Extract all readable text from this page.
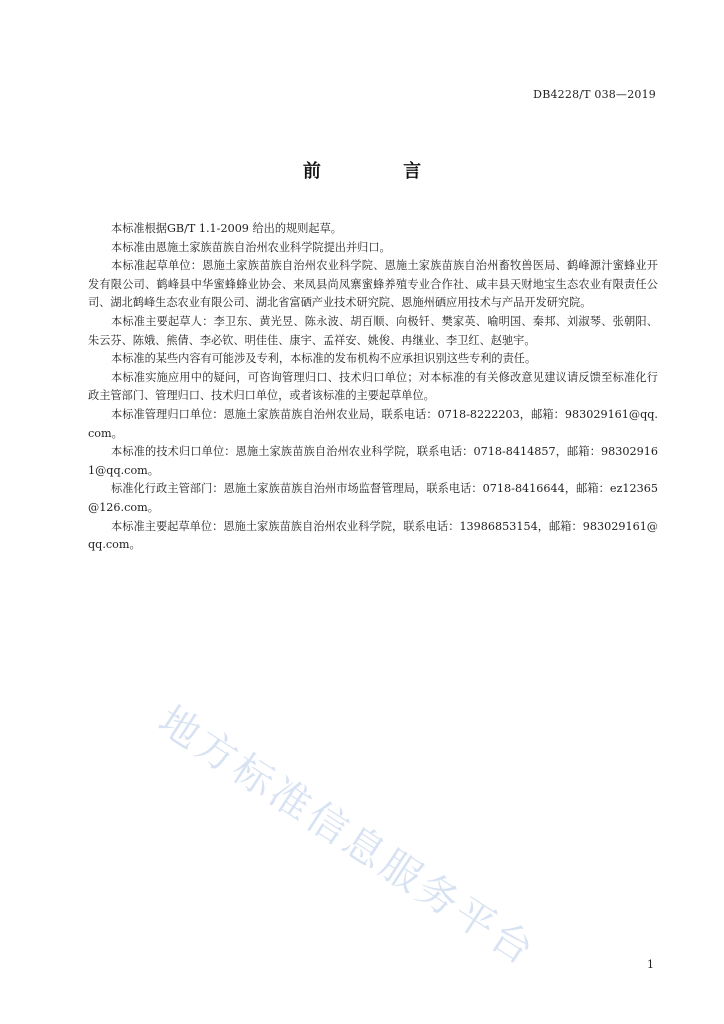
DB4228/T 038—2019
前 言

本标准根据GB/T 1.1-2009 给出的规则起草。

本标准由恩施土家族苗族自治州农业科学院提出并归口。

本标准起草单位：恩施土家族苗族自治州农业科学院、恩施土家族苗族自治州畜牧兽医局、鹤峰源汁蜜蜂业开发有限公司、鹤峰县中华蜜蜂蜂业协会、来凤县尚凤寨蜜蜂养殖专业合作社、咸丰县天财地宝生态农业有限责任公司、湖北鹤峰生态农业有限公司、湖北省富硒产业技术研究院、恩施州硒应用技术与产品开发研究院。

本标准主要起草人：李卫东、黄光昱、陈永波、胡百顺、向极钎、樊家英、喻明国、秦邦、刘淑琴、张朝阳、朱云芬、陈娥、熊倩、李必钦、明佳佳、康宇、孟祥安、姚俊、冉继业、李卫红、赵驰宇。

本标准的某些内容有可能涉及专利，本标准的发布机构不应承担识别这些专利的责任。

本标准实施应用中的疑问，可咨询管理归口、技术归口单位；对本标准的有关修改意见建议请反馈至标准化行政主管部门、管理归口、技术归口单位，或者该标准的主要起草单位。

本标准管理归口单位：恩施土家族苗族自治州农业局，联系电话：0718-8222203，邮箱：983029161@qq.com。

本标准的技术归口单位：恩施土家族苗族自治州农业科学院，联系电话：0718-8414857，邮箱：983029161@qq.com。

标准化行政主管部门：恩施土家族苗族自治州市场监督管理局，联系电话：0718-8416644，邮箱：ez12365@126.com。

本标准主要起草单位：恩施土家族苗族自治州农业科学院，联系电话：13986853154，邮箱：983029161@qq.com。

地方标准信息服务平台	1
